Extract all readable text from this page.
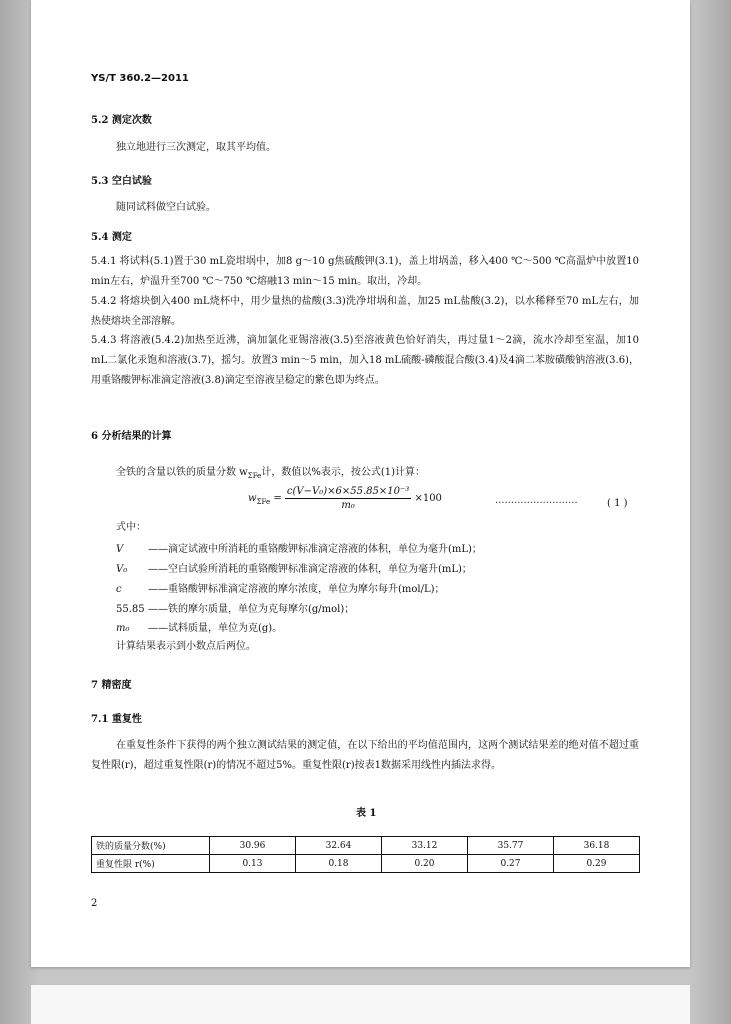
YS/T 360.2—2011
5.2 测定次数
独立地进行三次测定，取其平均值。
5.3 空白试验
随同试料做空白试验。
5.4 测定
5.4.1 将试料(5.1)置于30 mL瓷坩埚中，加8 g～10 g焦硫酸钾(3.1)，盖上坩埚盖，移入400 ℃～500 ℃高温炉中放置10 min左右，炉温升至700 ℃～750 ℃熔融13 min～15 min。取出，冷却。
5.4.2 将熔块倒入400 mL烧杯中，用少量热的盐酸(3.3)洗净坩埚和盖，加25 mL盐酸(3.2)，以水稀释至70 mL左右，加热使熔块全部溶解。
5.4.3 将溶液(5.4.2)加热至近沸，滴加氯化亚锡溶液(3.5)至溶液黄色恰好消失，再过量1～2滴，流水冷却至室温，加10 mL二氯化汞饱和溶液(3.7)，摇匀。放置3 min～5 min，加入18 mL硫酸-磷酸混合酸(3.4)及4滴二苯胺磺酸钠溶液(3.6)，用重铬酸钾标准滴定溶液(3.8)滴定至溶液呈稳定的紫色即为终点。
6 分析结果的计算
全铁的含量以铁的质量分数 $w_{\Sigma Fe}$计，数值以%表示，按公式(1)计算：
$w_{\Sigma Fe} = \frac{\text{c(V−V₀)×6×55.85×10⁻³}}{\text{m₀}} \times 100$	··························	( 1 )
式中：
V ——滴定试液中所消耗的重铬酸钾标准滴定溶液的体积，单位为毫升(mL)；
V₀ ——空白试验所消耗的重铬酸钾标准滴定溶液的体积，单位为毫升(mL)；
c	——重铬酸钾标准滴定溶液的摩尔浓度，单位为摩尔每升(mol/L)；
55.85 ——铁的摩尔质量，单位为克每摩尔(g/mol)；
m₀ ——试料质量，单位为克(g)。
计算结果表示到小数点后两位。
7 精密度
7.1 重复性
在重复性条件下获得的两个独立测试结果的测定值，在以下给出的平均值范围内，这两个测试结果差的绝对值不超过重复性限(r)，超过重复性限(r)的情况不超过5%。重复性限(r)按表1数据采用线性内插法求得。
表 1
铁的质量分数(%)	30.96	32.64	33.12	35.77	36.18
重复性限 r(%)	0.13	0.18	0.20	0.27	0.29
2
